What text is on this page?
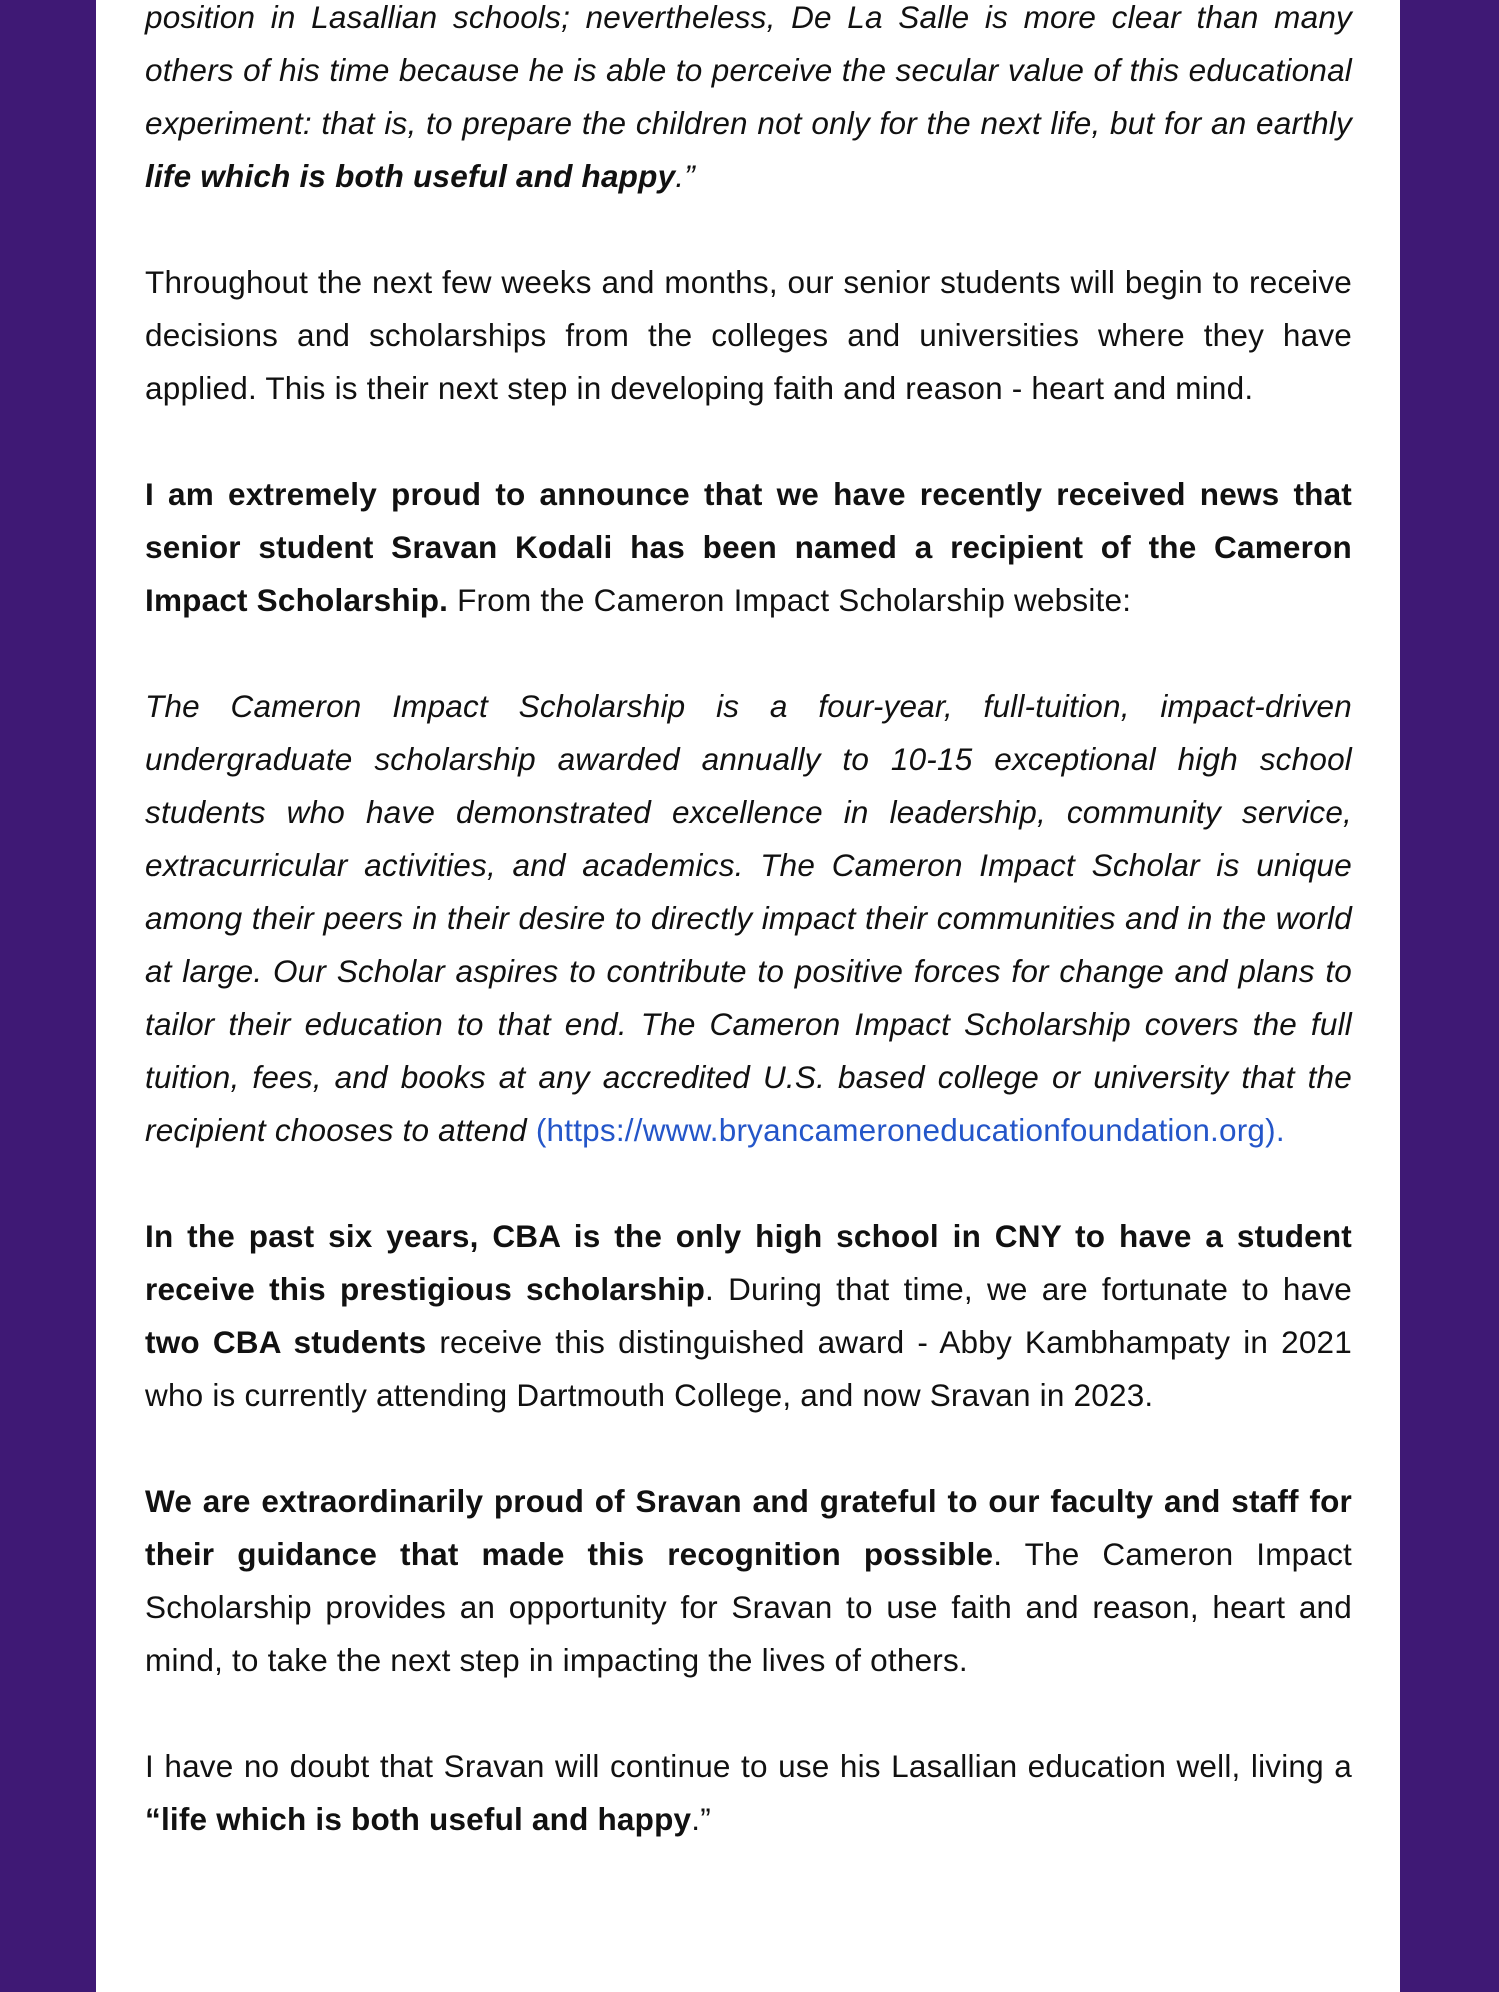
position in Lasallian schools; nevertheless, De La Salle is more clear than many others of his time because he is able to perceive the secular value of this educational experiment: that is, to prepare the children not only for the next life, but for an earthly life which is both useful and happy.”

Throughout the next few weeks and months, our senior students will begin to receive decisions and scholarships from the colleges and universities where they have applied. This is their next step in developing faith and reason - heart and mind.

I am extremely proud to announce that we have recently received news that senior student Sravan Kodali has been named a recipient of the Cameron Impact Scholarship. From the Cameron Impact Scholarship website:

The Cameron Impact Scholarship is a four-year, full-tuition, impact-driven undergraduate scholarship awarded annually to 10-15 exceptional high school students who have demonstrated excellence in leadership, community service, extracurricular activities, and academics. The Cameron Impact Scholar is unique among their peers in their desire to directly impact their communities and in the world at large. Our Scholar aspires to contribute to positive forces for change and plans to tailor their education to that end. The Cameron Impact Scholarship covers the full tuition, fees, and books at any accredited U.S. based college or university that the recipient chooses to attend (https://www.bryancameroneducationfoundation.org).

In the past six years, CBA is the only high school in CNY to have a student receive this prestigious scholarship. During that time, we are fortunate to have two CBA students receive this distinguished award - Abby Kambhampaty in 2021 who is currently attending Dartmouth College, and now Sravan in 2023.

We are extraordinarily proud of Sravan and grateful to our faculty and staff for their guidance that made this recognition possible. The Cameron Impact Scholarship provides an opportunity for Sravan to use faith and reason, heart and mind, to take the next step in impacting the lives of others.

I have no doubt that Sravan will continue to use his Lasallian education well, living a “life which is both useful and happy.”
